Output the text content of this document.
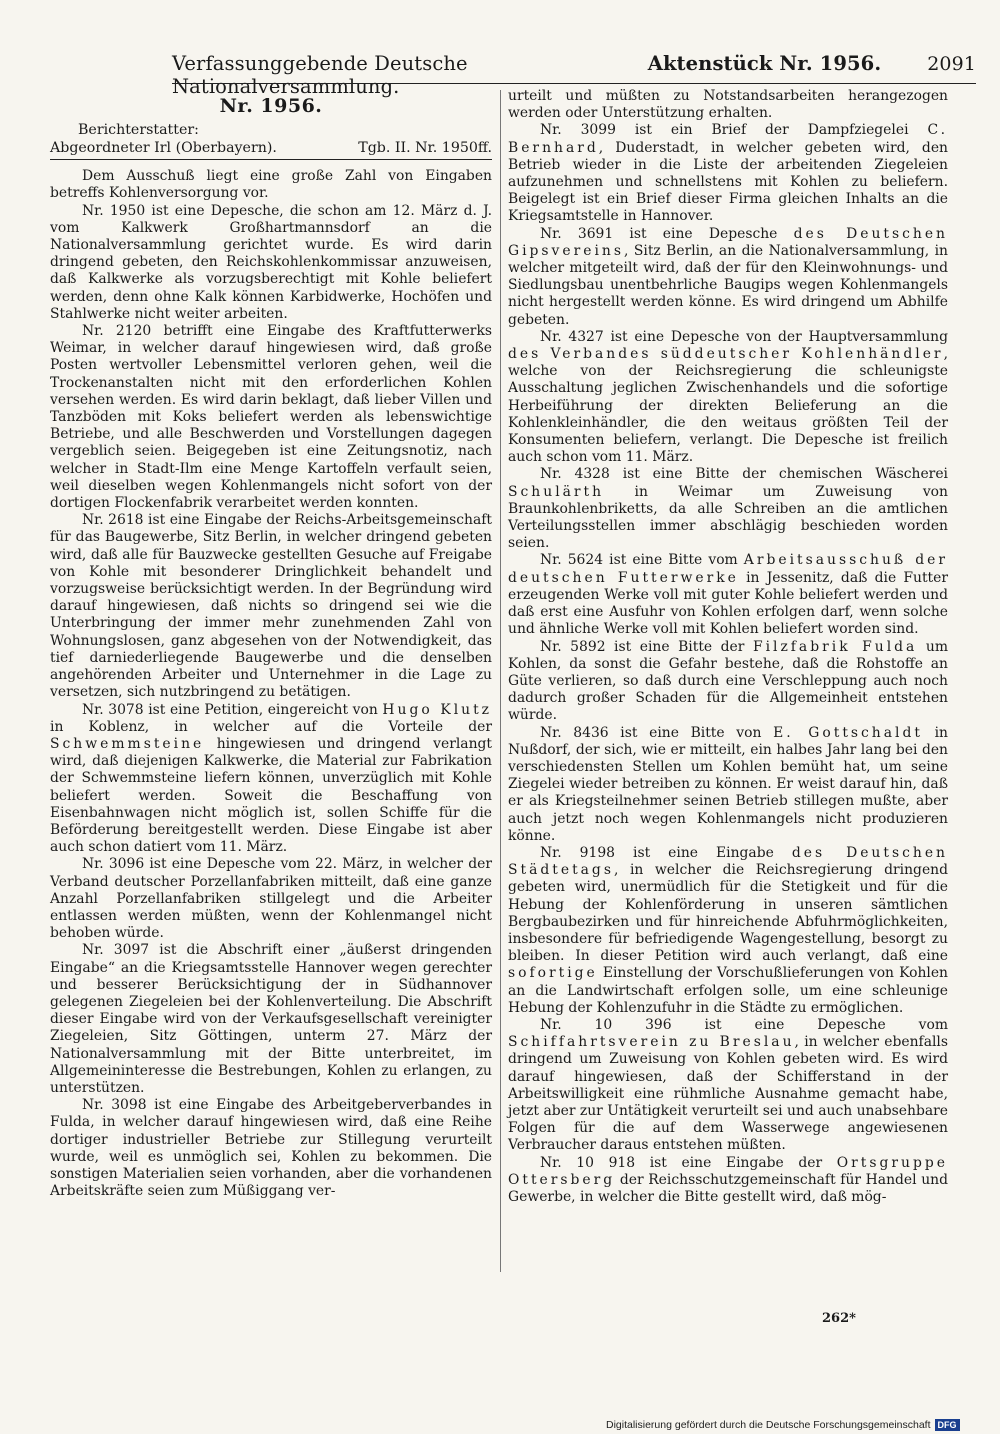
Verfassunggebende Deutsche Nationalversammlung.
Aktenstück Nr. 1956. 2091
Nr. 1956.
Berichterstatter:
Abgeordneter Irl (Oberbayern).	Tgb. II. Nr. 1950ff.

Dem Ausschuß liegt eine große Zahl von Eingaben betreffs Kohlenversorgung vor.

Nr. 1950 ist eine Depesche, die schon am 12. März d. J. vom Kalkwerk Großhartmannsdorf an die Nationalversammlung gerichtet wurde. Es wird darin dringend gebeten, den Reichskohlenkommissar anzuweisen, daß Kalkwerke als vorzugsberechtigt mit Kohle beliefert werden, denn ohne Kalk können Karbidwerke, Hochöfen und Stahlwerke nicht weiter arbeiten.

Nr. 2120 betrifft eine Eingabe des Kraftfutterwerks Weimar, in welcher darauf hingewiesen wird, daß große Posten wertvoller Lebensmittel verloren gehen, weil die Trockenanstalten nicht mit den erforderlichen Kohlen versehen werden. Es wird darin beklagt, daß lieber Villen und Tanzböden mit Koks beliefert werden als lebenswichtige Betriebe, und alle Beschwerden und Vorstellungen dagegen vergeblich seien. Beigegeben ist eine Zeitungsnotiz, nach welcher in Stadt-Ilm eine Menge Kartoffeln verfault seien, weil dieselben wegen Kohlenmangels nicht sofort von der dortigen Flockenfabrik verarbeitet werden konnten.

Nr. 2618 ist eine Eingabe der Reichs-Arbeitsgemeinschaft für das Baugewerbe, Sitz Berlin, in welcher dringend gebeten wird, daß alle für Bauzwecke gestellten Gesuche auf Freigabe von Kohle mit besonderer Dringlichkeit behandelt und vorzugsweise berücksichtigt werden. In der Begründung wird darauf hingewiesen, daß nichts so dringend sei wie die Unterbringung der immer mehr zunehmenden Zahl von Wohnungslosen, ganz abgesehen von der Notwendigkeit, das tief darniederliegende Baugewerbe und die denselben angehörenden Arbeiter und Unternehmer in die Lage zu versetzen, sich nutzbringend zu betätigen.

Nr. 3078 ist eine Petition, eingereicht von Hugo Klutz in Koblenz, in welcher auf die Vorteile der Schwemmsteine hingewiesen und dringend verlangt wird, daß diejenigen Kalkwerke, die Material zur Fabrikation der Schwemmsteine liefern können, unverzüglich mit Kohle beliefert werden. Soweit die Beschaffung von Eisenbahnwagen nicht möglich ist, sollen Schiffe für die Beförderung bereitgestellt werden. Diese Eingabe ist aber auch schon datiert vom 11. März.

Nr. 3096 ist eine Depesche vom 22. März, in welcher der Verband deutscher Porzellanfabriken mitteilt, daß eine ganze Anzahl Porzellanfabriken stillgelegt und die Arbeiter entlassen werden müßten, wenn der Kohlenmangel nicht behoben würde.

Nr. 3097 ist die Abschrift einer „äußerst dringenden Eingabe“ an die Kriegsamtsstelle Hannover wegen gerechter und besserer Berücksichtigung der in Südhannover gelegenen Ziegeleien bei der Kohlenverteilung. Die Abschrift dieser Eingabe wird von der Verkaufsgesellschaft vereinigter Ziegeleien, Sitz Göttingen, unterm 27. März der Nationalversammlung mit der Bitte unterbreitet, im Allgemeininteresse die Bestrebungen, Kohlen zu erlangen, zu unterstützen.

Nr. 3098 ist eine Eingabe des Arbeitgeberverbandes in Fulda, in welcher darauf hingewiesen wird, daß eine Reihe dortiger industrieller Betriebe zur Stillegung verurteilt wurde, weil es unmöglich sei, Kohlen zu bekommen. Die sonstigen Materialien seien vorhanden, aber die vorhandenen Arbeitskräfte seien zum Müßiggang ver-

urteilt und müßten zu Notstandsarbeiten herangezogen werden oder Unterstützung erhalten.

Nr. 3099 ist ein Brief der Dampfziegelei C. Bernhard, Duderstadt, in welcher gebeten wird, den Betrieb wieder in die Liste der arbeitenden Ziegeleien aufzunehmen und schnellstens mit Kohlen zu beliefern. Beigelegt ist ein Brief dieser Firma gleichen Inhalts an die Kriegsamtstelle in Hannover.

Nr. 3691 ist eine Depesche des Deutschen Gipsvereins, Sitz Berlin, an die Nationalversammlung, in welcher mitgeteilt wird, daß der für den Kleinwohnungs- und Siedlungsbau unentbehrliche Baugips wegen Kohlenmangels nicht hergestellt werden könne. Es wird dringend um Abhilfe gebeten.

Nr. 4327 ist eine Depesche von der Hauptversammlung des Verbandes süddeutscher Kohlenhändler, welche von der Reichsregierung die schleunigste Ausschaltung jeglichen Zwischenhandels und die sofortige Herbeiführung der direkten Belieferung an die Kohlenkleinhändler, die den weitaus größten Teil der Konsumenten beliefern, verlangt. Die Depesche ist freilich auch schon vom 11. März.

Nr. 4328 ist eine Bitte der chemischen Wäscherei Schulärth in Weimar um Zuweisung von Braunkohlenbriketts, da alle Schreiben an die amtlichen Verteilungsstellen immer abschlägig beschieden worden seien.

Nr. 5624 ist eine Bitte vom Arbeitsausschuß der deutschen Futterwerke in Jessenitz, daß die Futter erzeugenden Werke voll mit guter Kohle beliefert werden und daß erst eine Ausfuhr von Kohlen erfolgen darf, wenn solche und ähnliche Werke voll mit Kohlen beliefert worden sind.

Nr. 5892 ist eine Bitte der Filzfabrik Fulda um Kohlen, da sonst die Gefahr bestehe, daß die Rohstoffe an Güte verlieren, so daß durch eine Verschleppung auch noch dadurch großer Schaden für die Allgemeinheit entstehen würde.

Nr. 8436 ist eine Bitte von E. Gottschaldt in Nußdorf, der sich, wie er mitteilt, ein halbes Jahr lang bei den verschiedensten Stellen um Kohlen bemüht hat, um seine Ziegelei wieder betreiben zu können. Er weist darauf hin, daß er als Kriegsteilnehmer seinen Betrieb stillegen mußte, aber auch jetzt noch wegen Kohlenmangels nicht produzieren könne.

Nr. 9198 ist eine Eingabe des Deutschen Städtetags, in welcher die Reichsregierung dringend gebeten wird, unermüdlich für die Stetigkeit und für die Hebung der Kohlenförderung in unseren sämtlichen Bergbaubezirken und für hinreichende Abfuhrmöglichkeiten, insbesondere für befriedigende Wagengestellung, besorgt zu bleiben. In dieser Petition wird auch verlangt, daß eine sofortige Einstellung der Vorschußlieferungen von Kohlen an die Landwirtschaft erfolgen solle, um eine schleunige Hebung der Kohlenzufuhr in die Städte zu ermöglichen.

Nr. 10 396 ist eine Depesche vom Schiffahrtsverein zu Breslau, in welcher ebenfalls dringend um Zuweisung von Kohlen gebeten wird. Es wird darauf hingewiesen, daß der Schifferstand in der Arbeitswilligkeit eine rühmliche Ausnahme gemacht habe, jetzt aber zur Untätigkeit verurteilt sei und auch unabsehbare Folgen für die auf dem Wasserwege angewiesenen Verbraucher daraus entstehen müßten.

Nr. 10 918 ist eine Eingabe der Ortsgruppe Ottersberg der Reichsschutzgemeinschaft für Handel und Gewerbe, in welcher die Bitte gestellt wird, daß mög-

262*
Digitalisierung gefördert durch die Deutsche Forschungsgemeinschaft DFG
